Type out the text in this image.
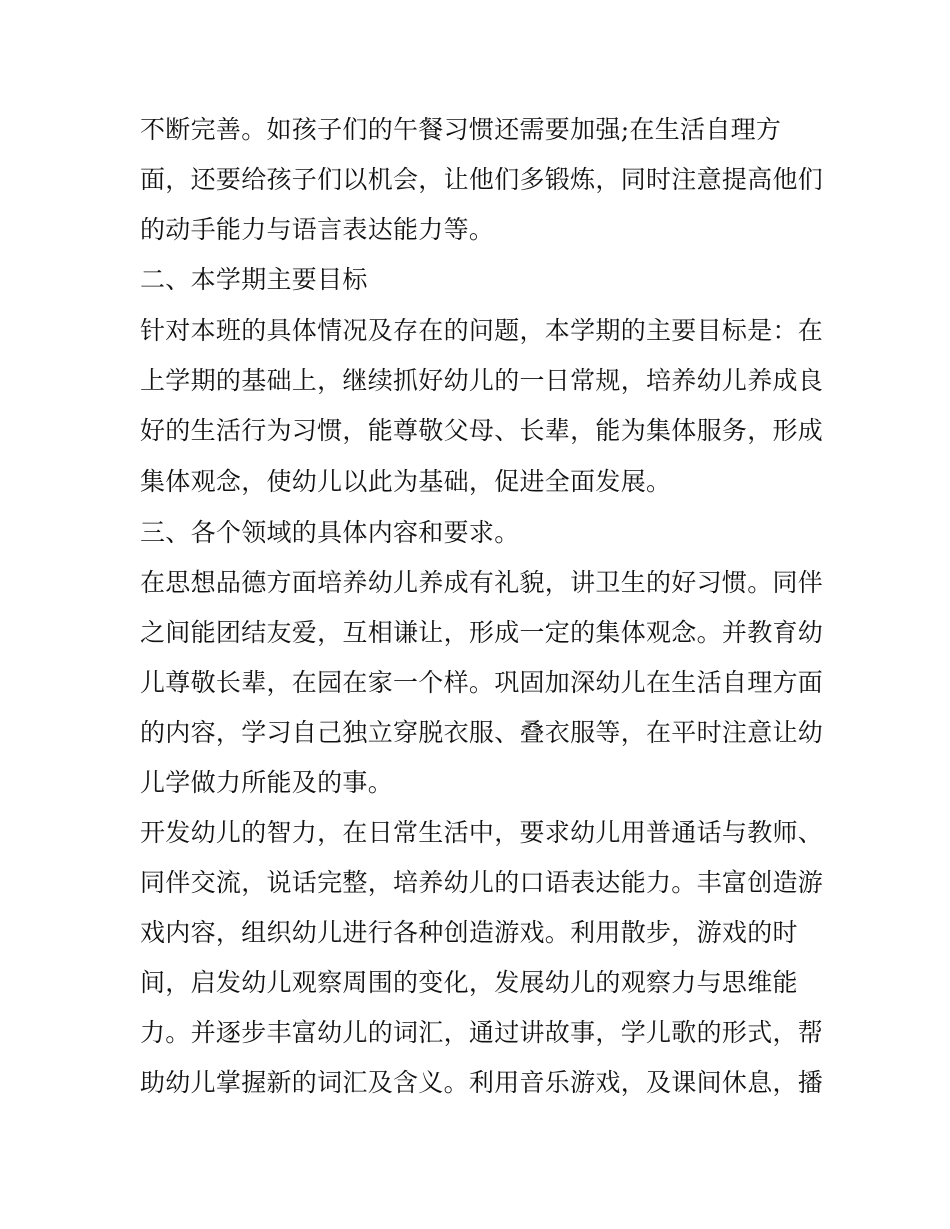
不断完善。如孩子们的午餐习惯还需要加强;在生活自理方
面，还要给孩子们以机会，让他们多锻炼，同时注意提高他们
的动手能力与语言表达能力等。
二、本学期主要目标
针对本班的具体情况及存在的问题，本学期的主要目标是：在
上学期的基础上，继续抓好幼儿的一日常规，培养幼儿养成良
好的生活行为习惯，能尊敬父母、长辈，能为集体服务，形成
集体观念，使幼儿以此为基础，促进全面发展。
三、各个领域的具体内容和要求。
在思想品德方面培养幼儿养成有礼貌，讲卫生的好习惯。同伴
之间能团结友爱，互相谦让，形成一定的集体观念。并教育幼
儿尊敬长辈，在园在家一个样。巩固加深幼儿在生活自理方面
的内容，学习自己独立穿脱衣服、叠衣服等，在平时注意让幼
儿学做力所能及的事。
开发幼儿的智力，在日常生活中，要求幼儿用普通话与教师、
同伴交流，说话完整，培养幼儿的口语表达能力。丰富创造游
戏内容，组织幼儿进行各种创造游戏。利用散步，游戏的时
间，启发幼儿观察周围的变化，发展幼儿的观察力与思维能
力。并逐步丰富幼儿的词汇，通过讲故事，学儿歌的形式，帮
助幼儿掌握新的词汇及含义。利用音乐游戏，及课间休息，播
